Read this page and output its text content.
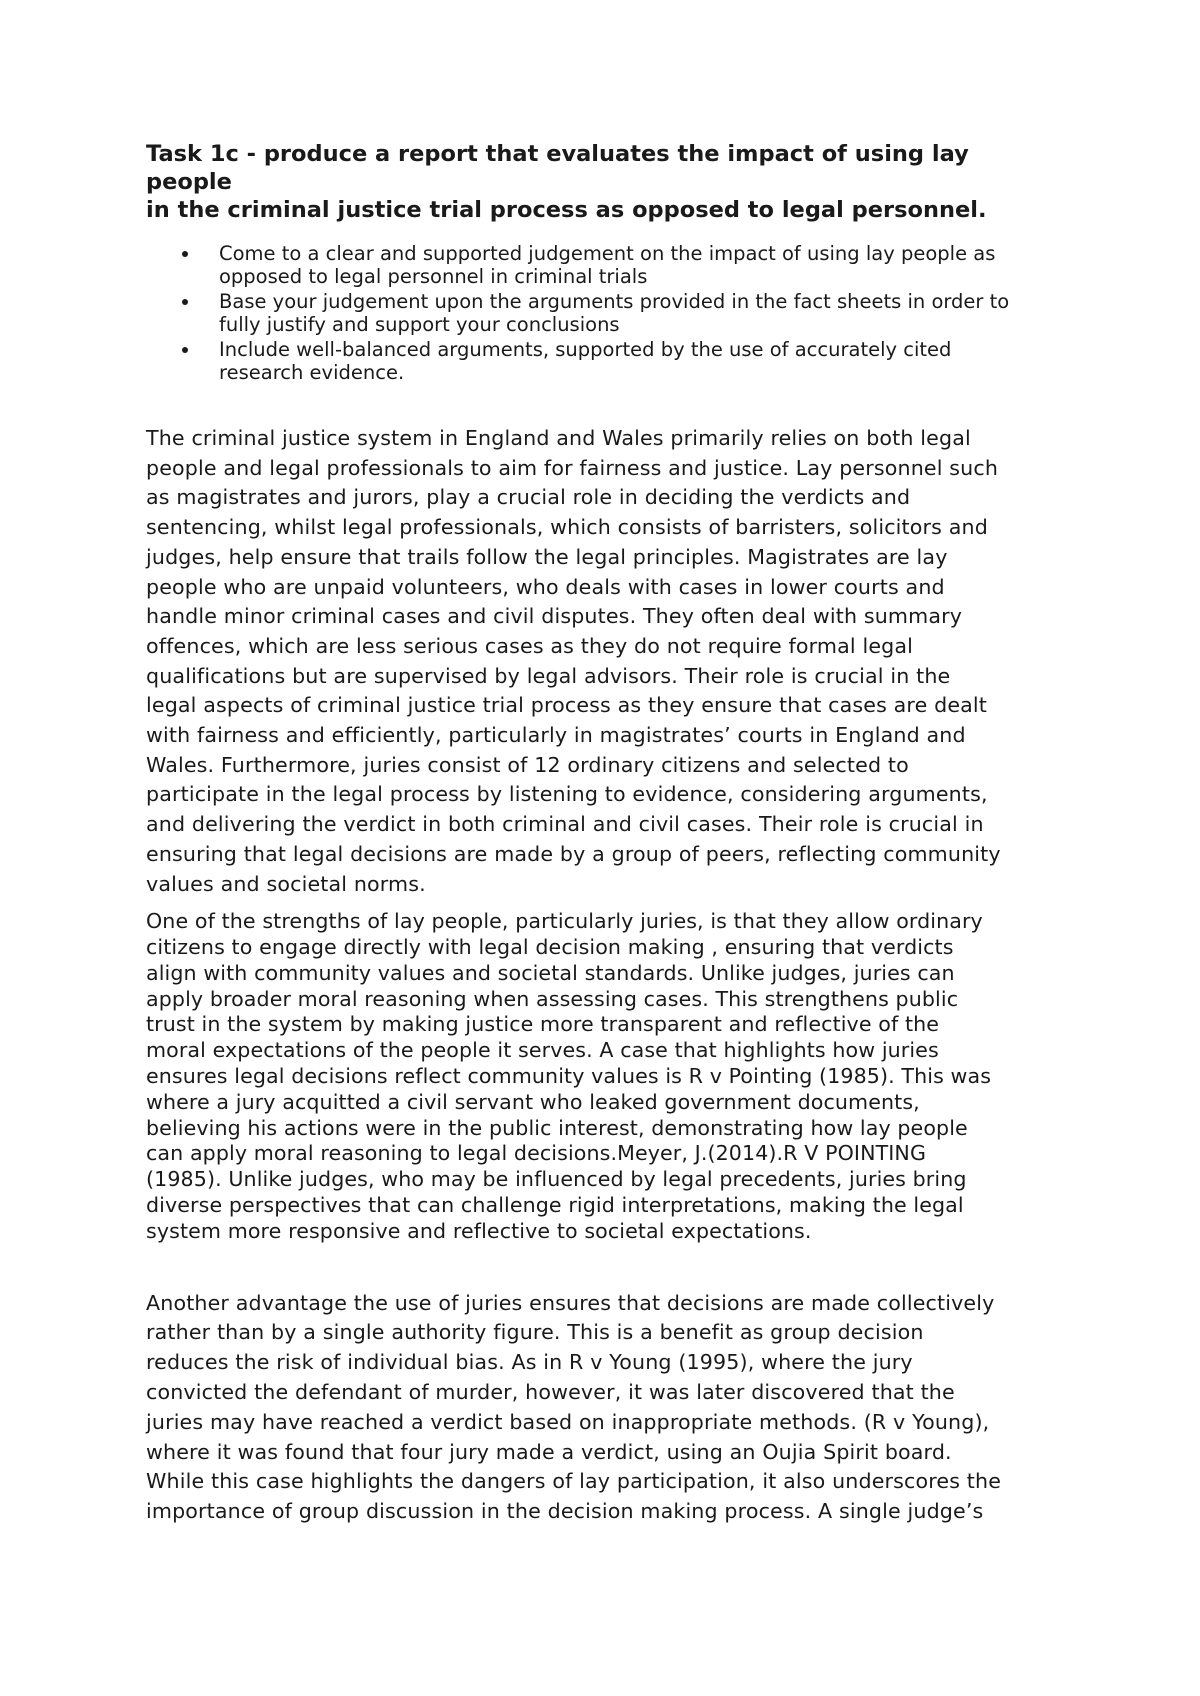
Task 1c - produce a report that evaluates the impact of using lay
people
in the criminal justice trial process as opposed to legal personnel.
Come to a clear and supported judgement on the impact of using lay people as
opposed to legal personnel in criminal trials
Base your judgement upon the arguments provided in the fact sheets in order to
fully justify and support your conclusions
Include well-balanced arguments, supported by the use of accurately cited
research evidence.
The criminal justice system in England and Wales primarily relies on both legal
people and legal professionals to aim for fairness and justice. Lay personnel such
as magistrates and jurors, play a crucial role in deciding the verdicts and
sentencing, whilst legal professionals, which consists of barristers, solicitors and
judges, help ensure that trails follow the legal principles. Magistrates are lay
people who are unpaid volunteers, who deals with cases in lower courts and
handle minor criminal cases and civil disputes. They often deal with summary
offences, which are less serious cases as they do not require formal legal
qualifications but are supervised by legal advisors. Their role is crucial in the
legal aspects of criminal justice trial process as they ensure that cases are dealt
with fairness and efficiently, particularly in magistrates’ courts in England and
Wales. Furthermore, juries consist of 12 ordinary citizens and selected to
participate in the legal process by listening to evidence, considering arguments,
and delivering the verdict in both criminal and civil cases. Their role is crucial in
ensuring that legal decisions are made by a group of peers, reflecting community
values and societal norms.
One of the strengths of lay people, particularly juries, is that they allow ordinary
citizens to engage directly with legal decision making , ensuring that verdicts
align with community values and societal standards. Unlike judges, juries can
apply broader moral reasoning when assessing cases. This strengthens public
trust in the system by making justice more transparent and reflective of the
moral expectations of the people it serves. A case that highlights how juries
ensures legal decisions reflect community values is R v Pointing (1985). This was
where a jury acquitted a civil servant who leaked government documents,
believing his actions were in the public interest, demonstrating how lay people
can apply moral reasoning to legal decisions.Meyer, J.(2014).R V POINTING
(1985). Unlike judges, who may be influenced by legal precedents, juries bring
diverse perspectives that can challenge rigid interpretations, making the legal
system more responsive and reflective to societal expectations.
Another advantage the use of juries ensures that decisions are made collectively
rather than by a single authority figure. This is a benefit as group decision
reduces the risk of individual bias. As in R v Young (1995), where the jury
convicted the defendant of murder, however, it was later discovered that the
juries may have reached a verdict based on inappropriate methods. (R v Young),
where it was found that four jury made a verdict, using an Oujia Spirit board.
While this case highlights the dangers of lay participation, it also underscores the
importance of group discussion in the decision making process. A single judge’s
